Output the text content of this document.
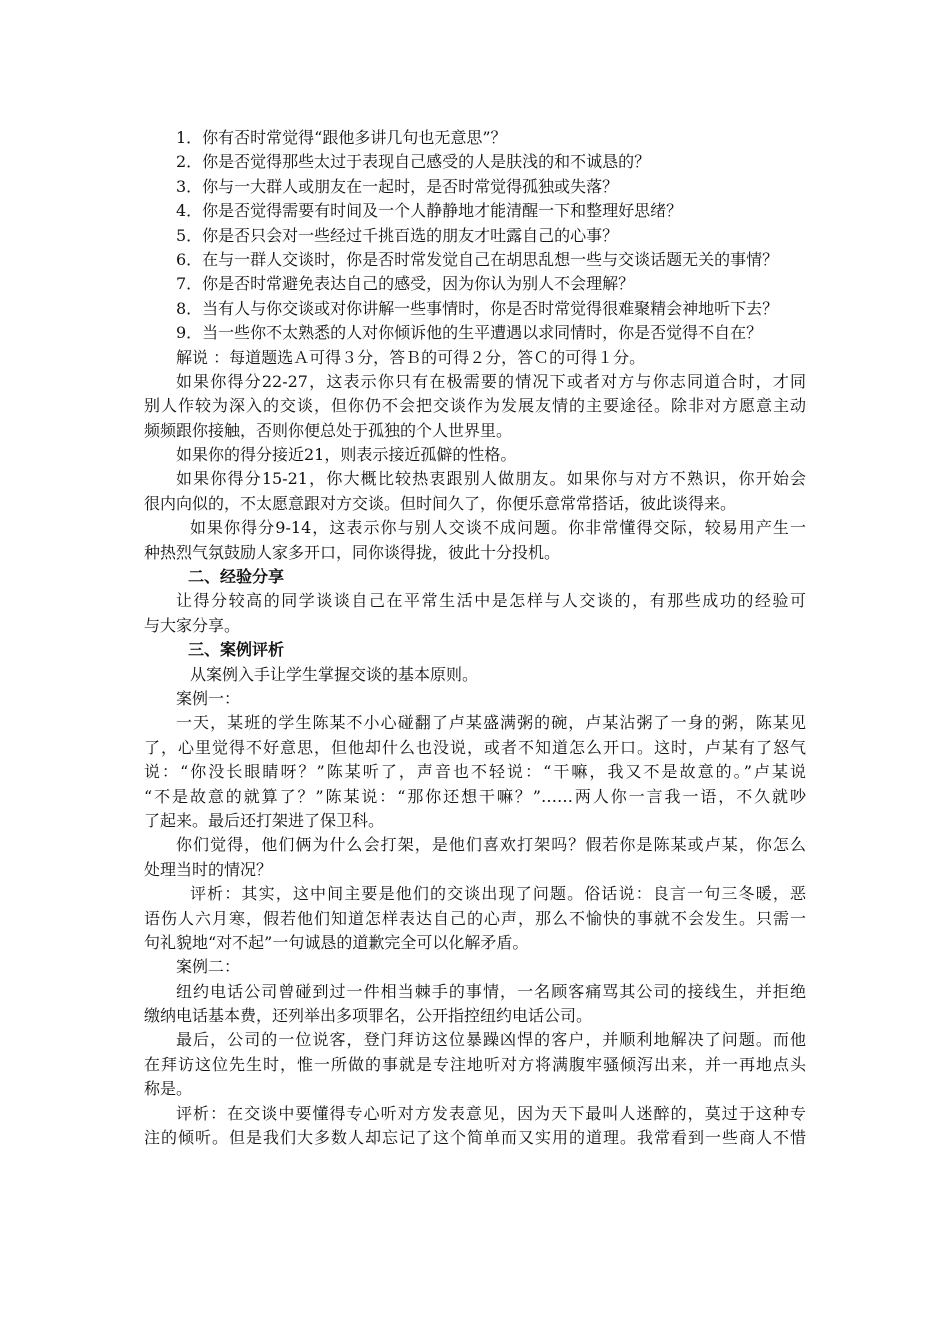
1．你有否时常觉得“跟他多讲几句也无意思”？
2．你是否觉得那些太过于表现自己感受的人是肤浅的和不诚恳的？
3．你与一大群人或朋友在一起时，是否时常觉得孤独或失落？
4．你是否觉得需要有时间及一个人静静地才能清醒一下和整理好思绪？
5．你是否只会对一些经过千挑百选的朋友才吐露自己的心事？
6．在与一群人交谈时，你是否时常发觉自己在胡思乱想一些与交谈话题无关的事情？
7．你是否时常避免表达自己的感受，因为你认为别人不会理解？
8．当有人与你交谈或对你讲解一些事情时，你是否时常觉得很难聚精会神地听下去？
9．当一些你不太熟悉的人对你倾诉他的生平遭遇以求同情时，你是否觉得不自在？
解说 ：每道题选Ａ可得３分，答Ｂ的可得２分，答Ｃ的可得１分。
如果你得分22-27，这表示你只有在极需要的情况下或者对方与你志同道合时，才同
别人作较为深入的交谈，但你仍不会把交谈作为发展友情的主要途径。除非对方愿意主动
频频跟你接触，否则你便总处于孤独的个人世界里。
如果你的得分接近21，则表示接近孤僻的性格。
如果你得分15-21，你大概比较热衷跟别人做朋友。如果你与对方不熟识，你开始会
很内向似的，不太愿意跟对方交谈。但时间久了，你便乐意常常搭话，彼此谈得来。
如果你得分9-14，这表示你与别人交谈不成问题。你非常懂得交际，较易用产生一
种热烈气氛鼓励人家多开口，同你谈得拢，彼此十分投机。
二、经验分享
让得分较高的同学谈谈自己在平常生活中是怎样与人交谈的，有那些成功的经验可
与大家分享。
三、案例评析
从案例入手让学生掌握交谈的基本原则。
案例一：
一天，某班的学生陈某不小心碰翻了卢某盛满粥的碗，卢某沾粥了一身的粥，陈某见
了，心里觉得不好意思，但他却什么也没说，或者不知道怎么开口。这时，卢某有了怒气
说：“你没长眼睛呀？”陈某听了，声音也不轻说：“干嘛，我又不是故意的。”卢某说
“不是故意的就算了？”陈某说：“那你还想干嘛？”……两人你一言我一语，不久就吵
了起来。最后还打架进了保卫科。
你们觉得，他们俩为什么会打架，是他们喜欢打架吗？假若你是陈某或卢某，你怎么
处理当时的情况？
评析：其实，这中间主要是他们的交谈出现了问题。俗话说：良言一句三冬暖，恶
语伤人六月寒，假若他们知道怎样表达自己的心声，那么不愉快的事就不会发生。只需一
句礼貌地“对不起”一句诚恳的道歉完全可以化解矛盾。
案例二：
纽约电话公司曾碰到过一件相当棘手的事情，一名顾客痛骂其公司的接线生，并拒绝
缴纳电话基本费，还列举出多项罪名，公开指控纽约电话公司。
最后，公司的一位说客，登门拜访这位暴躁凶悍的客户，并顺利地解决了问题。而他
在拜访这位先生时，惟一所做的事就是专注地听对方将满腹牢骚倾泻出来，并一再地点头
称是。
评析：在交谈中要懂得专心听对方发表意见，因为天下最叫人迷醉的，莫过于这种专
注的倾听。但是我们大多数人却忘记了这个简单而又实用的道理。我常看到一些商人不惜
